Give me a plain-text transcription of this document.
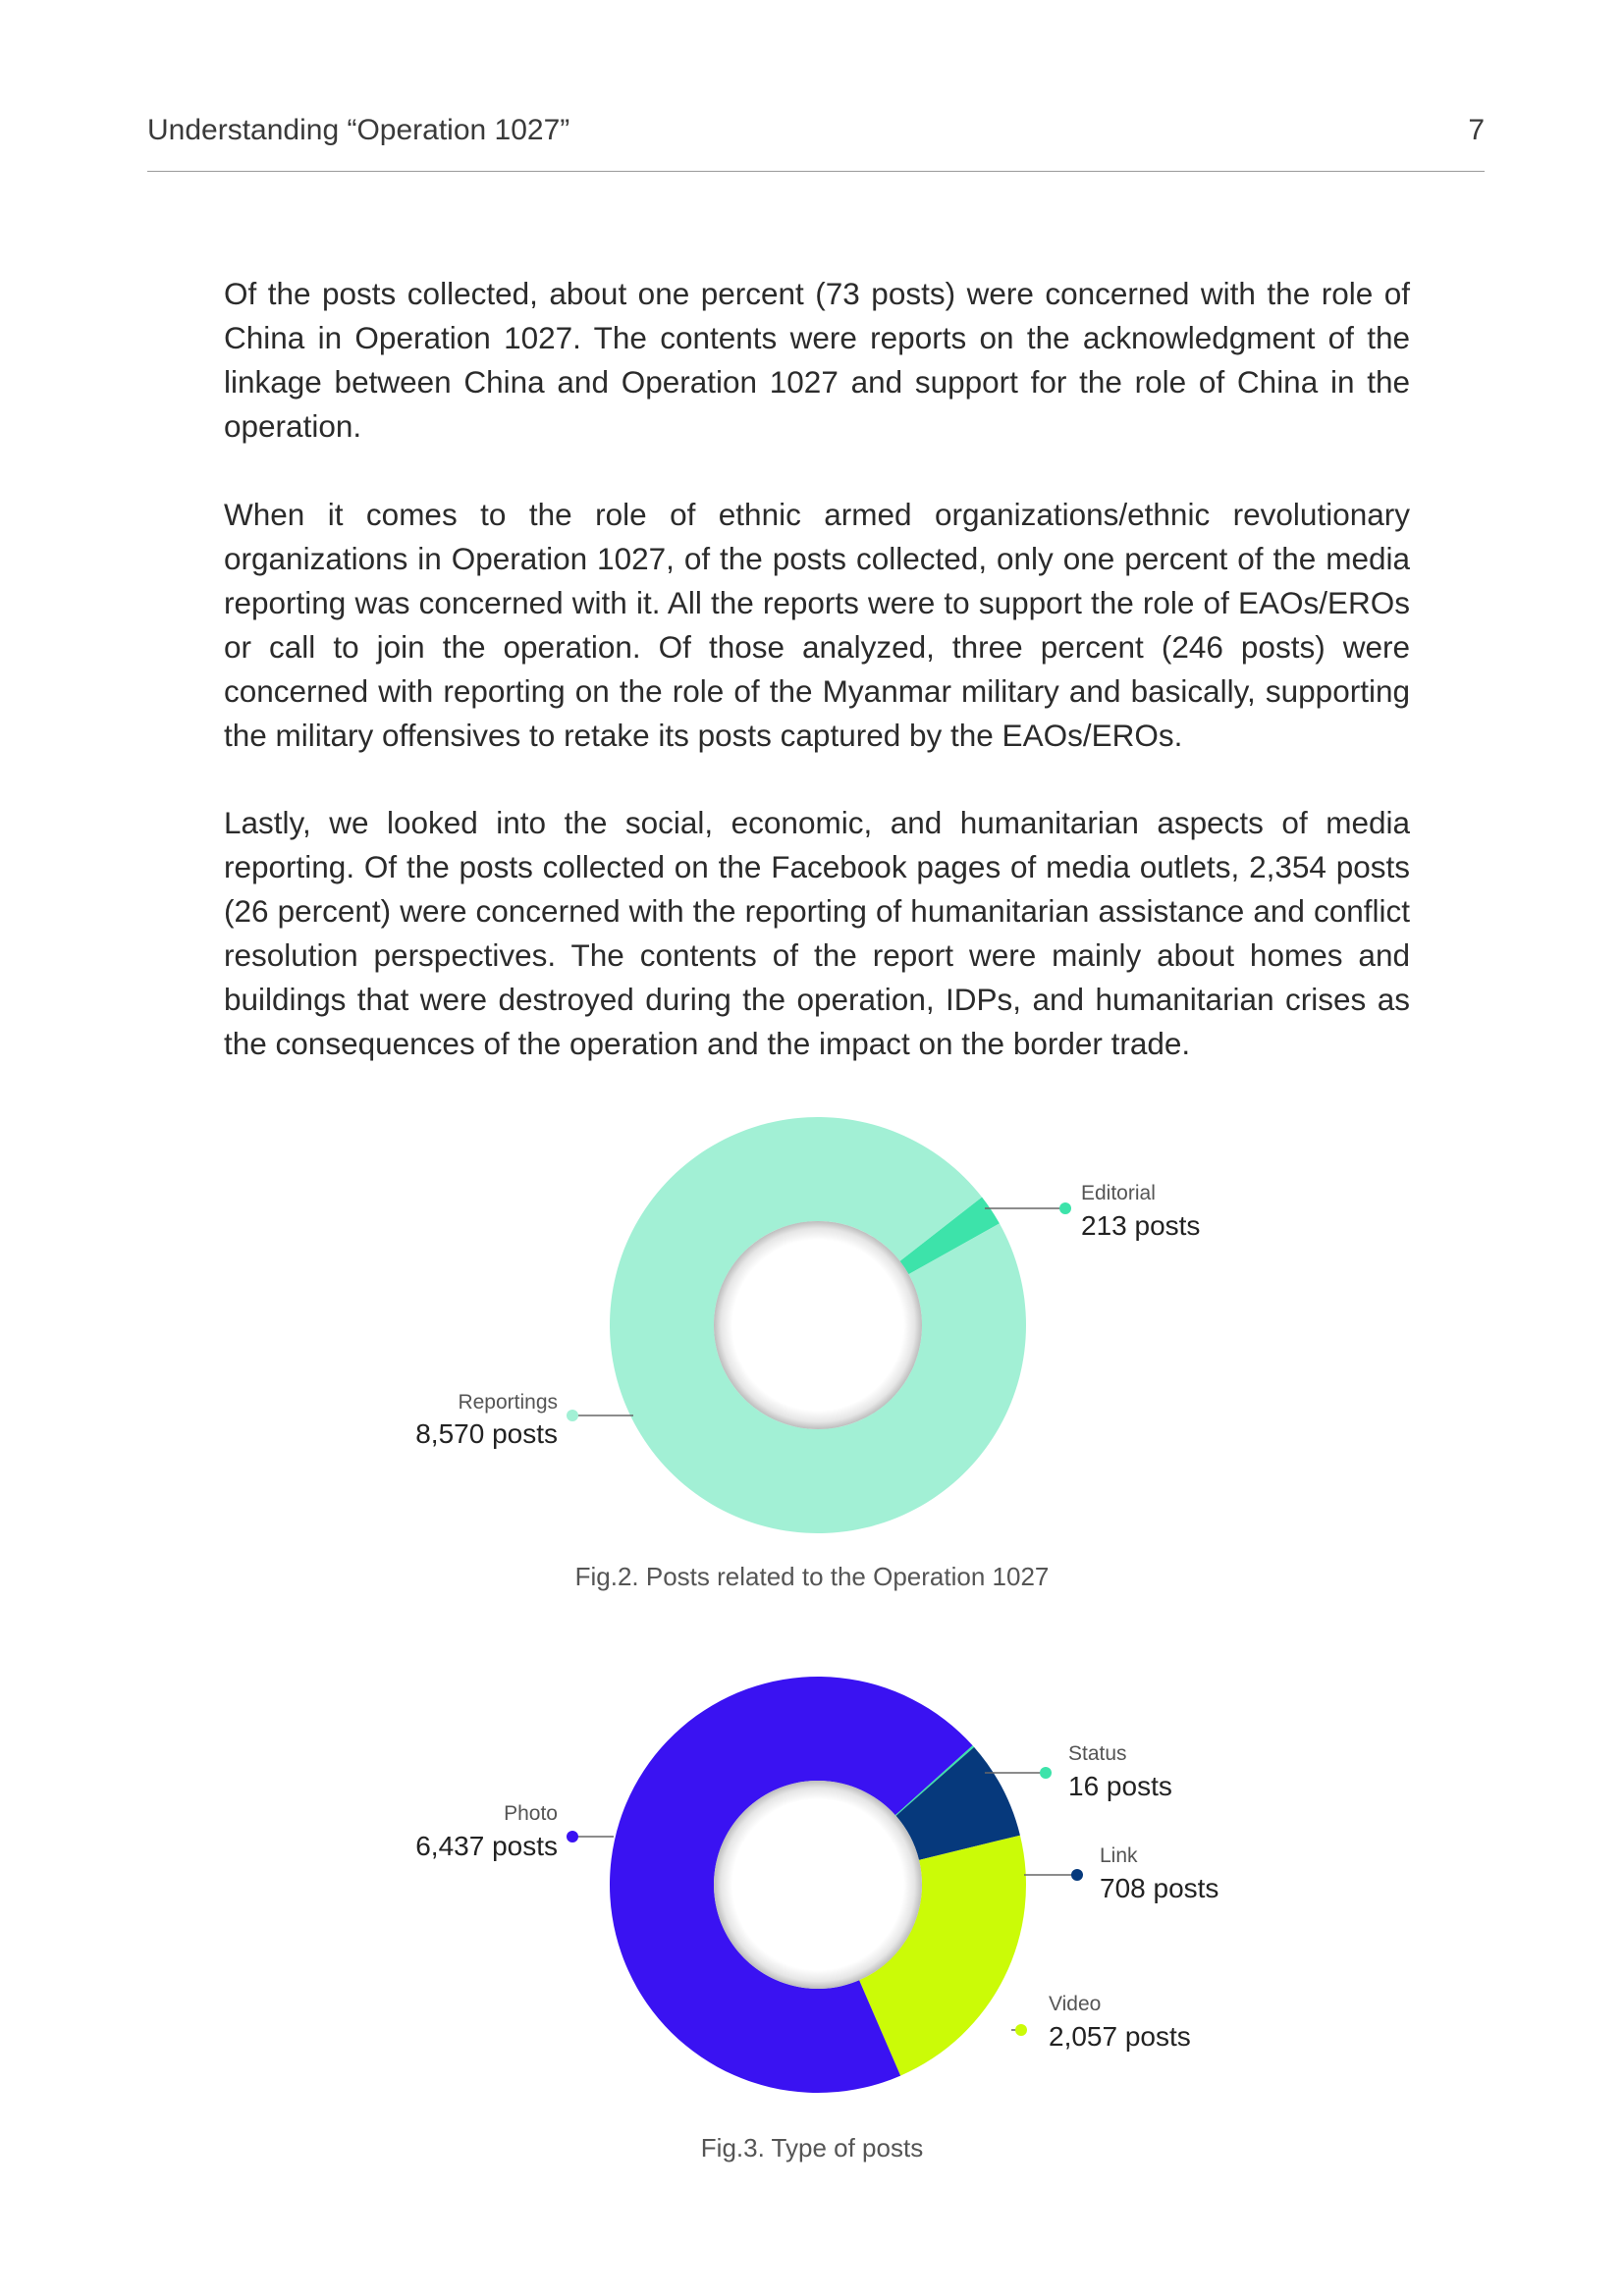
Understanding “Operation 1027”	7

Of the posts collected, about one percent (73 posts) were concerned with the role of China in Operation 1027. The contents were reports on the acknowledgment of the linkage between China and Operation 1027 and support for the role of China in the operation.

When it comes to the role of ethnic armed organizations/ethnic revolutionary organizations in Operation 1027, of the posts collected, only one percent of the media reporting was concerned with it. All the reports were to support the role of EAOs/EROs or call to join the operation. Of those analyzed, three percent (246 posts) were concerned with reporting on the role of the Myanmar military and basically, supporting the military offensives to retake its posts captured by the EAOs/EROs.

Lastly, we looked into the social, economic, and humanitarian aspects of media reporting. Of the posts collected on the Facebook pages of media outlets, 2,354 posts (26 percent) were concerned with the reporting of humanitarian assistance and conflict resolution perspectives. The contents of the report were mainly about homes and buildings that were destroyed during the operation, IDPs, and humanitarian crises as the consequences of the operation and the impact on the border trade.

Editorial
213 posts
Reportings
8,570 posts
Fig.2. Posts related to the Operation 1027
Status
16 posts
Link
708 posts
Video
2,057 posts
Photo
6,437 posts
Fig.3. Type of posts
